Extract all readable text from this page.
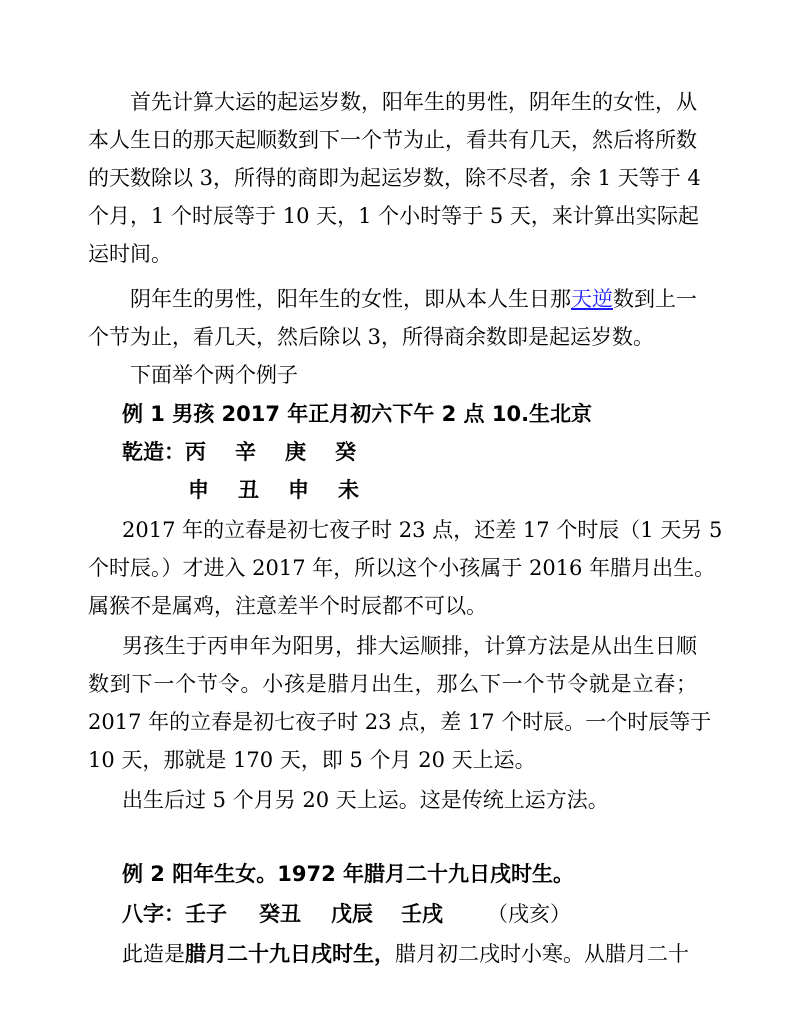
首先计算大运的起运岁数，阳年生的男性，阴年生的女性，从
本人生日的那天起顺数到下一个节为止，看共有几天，然后将所数
的天数除以 3，所得的商即为起运岁数，除不尽者，余 1 天等于 4
个月，1 个时辰等于 10 天，1 个小时等于 5 天，来计算出实际起
运时间。
阴年生的男性，阳年生的女性，即从本人生日那天逆数到上一
个节为止，看几天，然后除以 3，所得商余数即是起运岁数。
下面举个两个例子
例 1 男孩 2017 年正月初六下午 2 点 10.生北京
乾造：丙 辛 庚 癸
申 丑 申 未
2017 年的立春是初七夜子时 23 点，还差 17 个时辰（1 天另 5
个时辰。）才进入 2017 年，所以这个小孩属于 2016 年腊月出生。
属猴不是属鸡，注意差半个时辰都不可以。
男孩生于丙申年为阳男，排大运顺排，计算方法是从出生日顺
数到下一个节令。小孩是腊月出生，那么下一个节令就是立春；
2017 年的立春是初七夜子时 23 点，差 17 个时辰。一个时辰等于
10 天，那就是 170 天，即 5 个月 20 天上运。
出生后过 5 个月另 20 天上运。这是传统上运方法。
例 2 阳年生女。1972 年腊月二十九日戌时生。
八字：壬子 癸丑 戊辰 壬戌 （戌亥）
此造是腊月二十九日戌时生，腊月初二戌时小寒。从腊月二十
